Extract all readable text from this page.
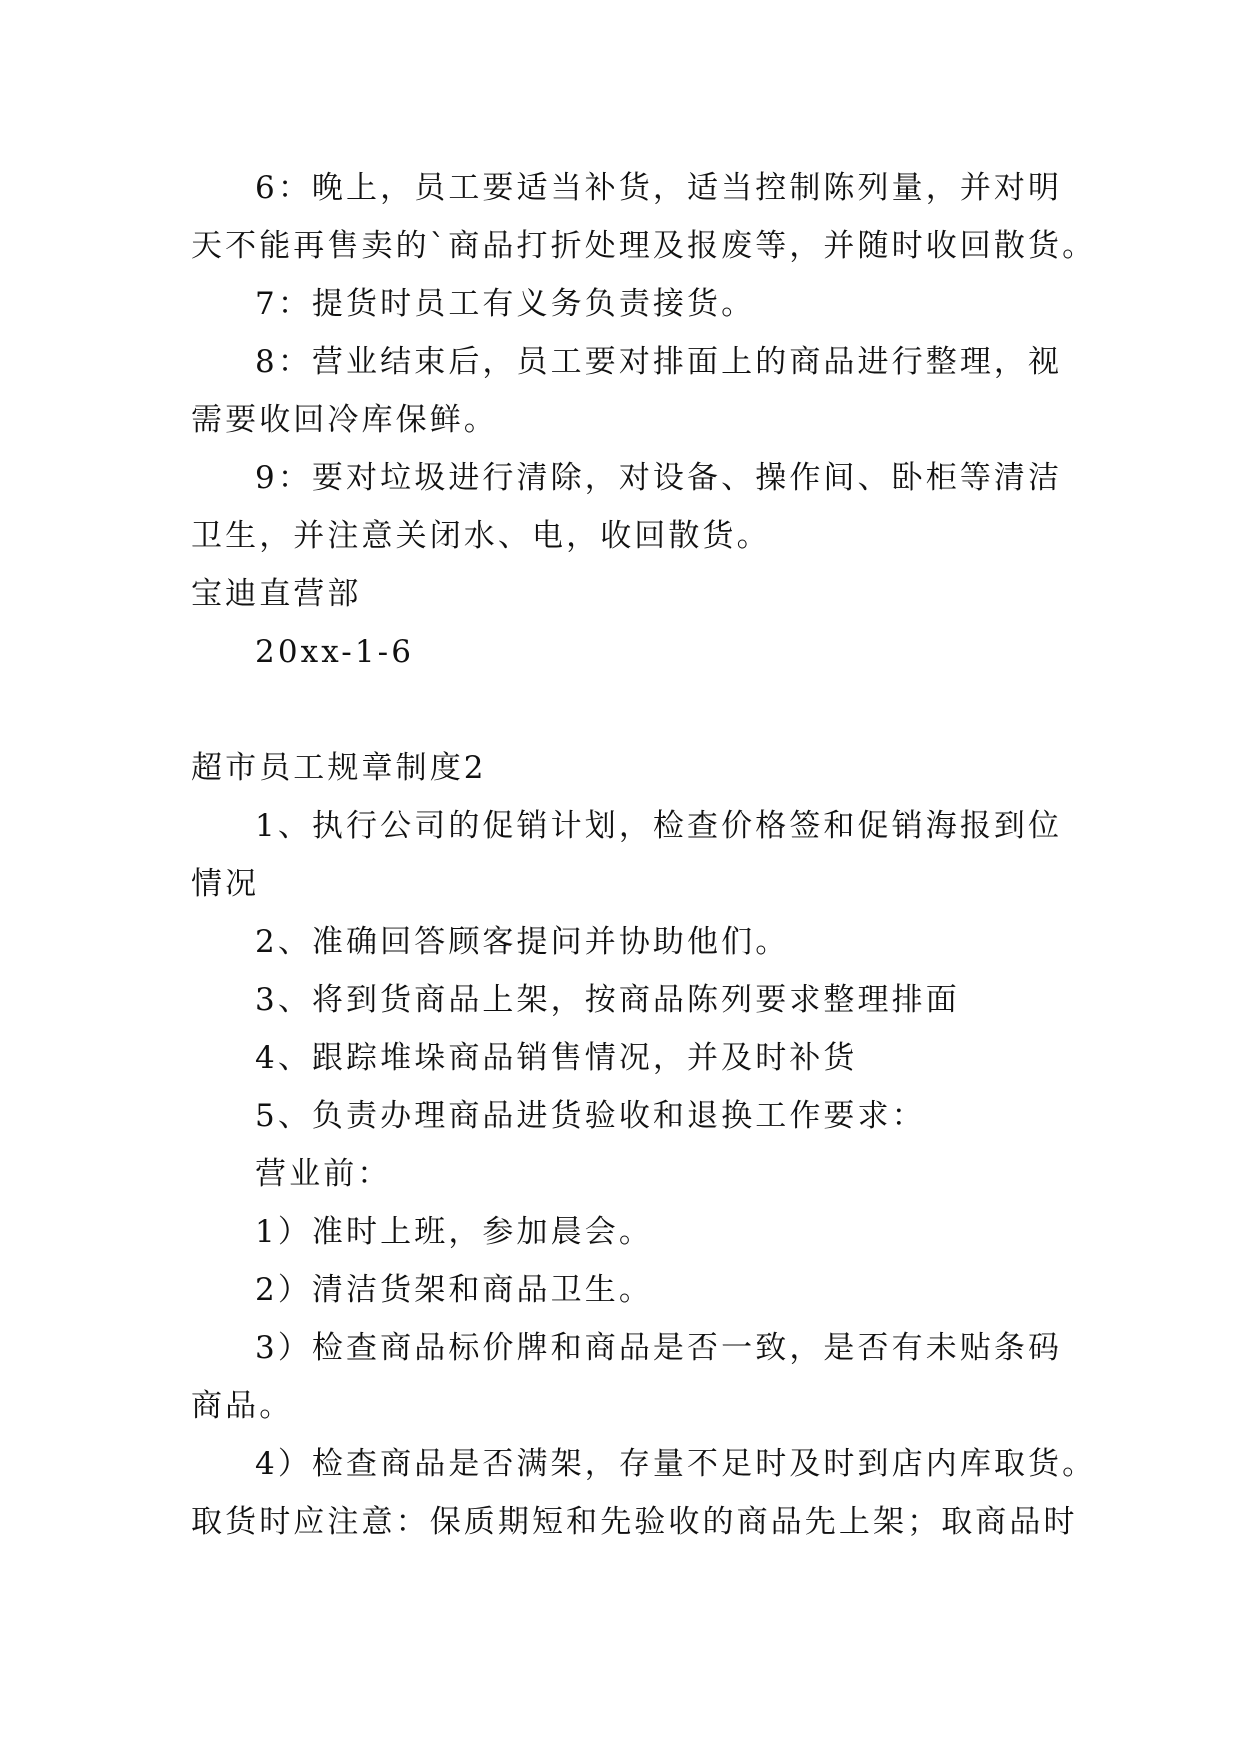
6：晚上，员工要适当补货，适当控制陈列量，并对明
天不能再售卖的`商品打折处理及报废等，并随时收回散货。
7：提货时员工有义务负责接货。
8：营业结束后，员工要对排面上的商品进行整理，视
需要收回冷库保鲜。
9：要对垃圾进行清除，对设备、操作间、卧柜等清洁
卫生，并注意关闭水、电，收回散货。
宝迪直营部
20xx-1-6
超市员工规章制度2
1、执行公司的促销计划，检查价格签和促销海报到位
情况
2、准确回答顾客提问并协助他们。
3、将到货商品上架，按商品陈列要求整理排面
4、跟踪堆垛商品销售情况，并及时补货
5、负责办理商品进货验收和退换工作要求：
营业前：
1）准时上班，参加晨会。
2）清洁货架和商品卫生。
3）检查商品标价牌和商品是否一致，是否有未贴条码
商品。
4）检查商品是否满架，存量不足时及时到店内库取货。
取货时应注意：保质期短和先验收的商品先上架；取商品时
